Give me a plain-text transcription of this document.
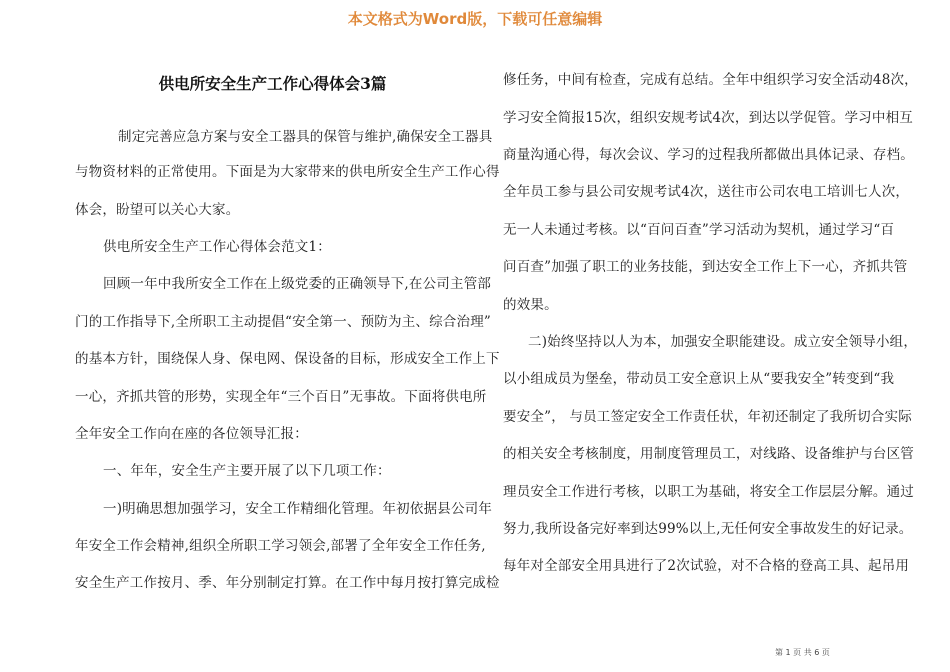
本文格式为Word版，下载可任意编辑
供电所安全生产工作心得体会3篇
制定完善应急方案与安全工器具的保管与维护,确保安全工器具
与物资材料的正常使用。下面是为大家带来的供电所安全生产工作心得
体会，盼望可以关心大家。
供电所安全生产工作心得体会范文1：
回顾一年中我所安全工作在上级党委的正确领导下,在公司主管部
门的工作指导下,全所职工主动提倡“安全第一、预防为主、综合治理”
的基本方针，围绕保人身、保电网、保设备的目标，形成安全工作上下
一心，齐抓共管的形势，实现全年“三个百日”无事故。下面将供电所
全年安全工作向在座的各位领导汇报：
一、年年，安全生产主要开展了以下几项工作：
一)明确思想加强学习，安全工作精细化管理。年初依据县公司年
年安全工作会精神,组织全所职工学习领会,部署了全年安全工作任务,
安全生产工作按月、季、年分别制定打算。在工作中每月按打算完成检
修任务，中间有检查，完成有总结。全年中组织学习安全活动48次，
学习安全简报15次，组织安规考试4次，到达以学促管。学习中相互
商量沟通心得，每次会议、学习的过程我所都做出具体记录、存档。
全年员工参与县公司安规考试4次，送往市公司农电工培训七人次，
无一人未通过考核。以“百问百查”学习活动为契机，通过学习“百
问百查”加强了职工的业务技能，到达安全工作上下一心，齐抓共管
的效果。
二)始终坚持以人为本，加强安全职能建设。成立安全领导小组，
以小组成员为堡垒，带动员工安全意识上从“要我安全”转变到“我
要安全”， 与员工签定安全工作责任状，年初还制定了我所切合实际
的相关安全考核制度，用制度管理员工，对线路、设备维护与台区管
理员安全工作进行考核，以职工为基础，将安全工作层层分解。通过
努力,我所设备完好率到达99%以上,无任何安全事故发生的好记录。
每年对全部安全用具进行了2次试验，对不合格的登高工具、起吊用
第 1 页 共 6 页
